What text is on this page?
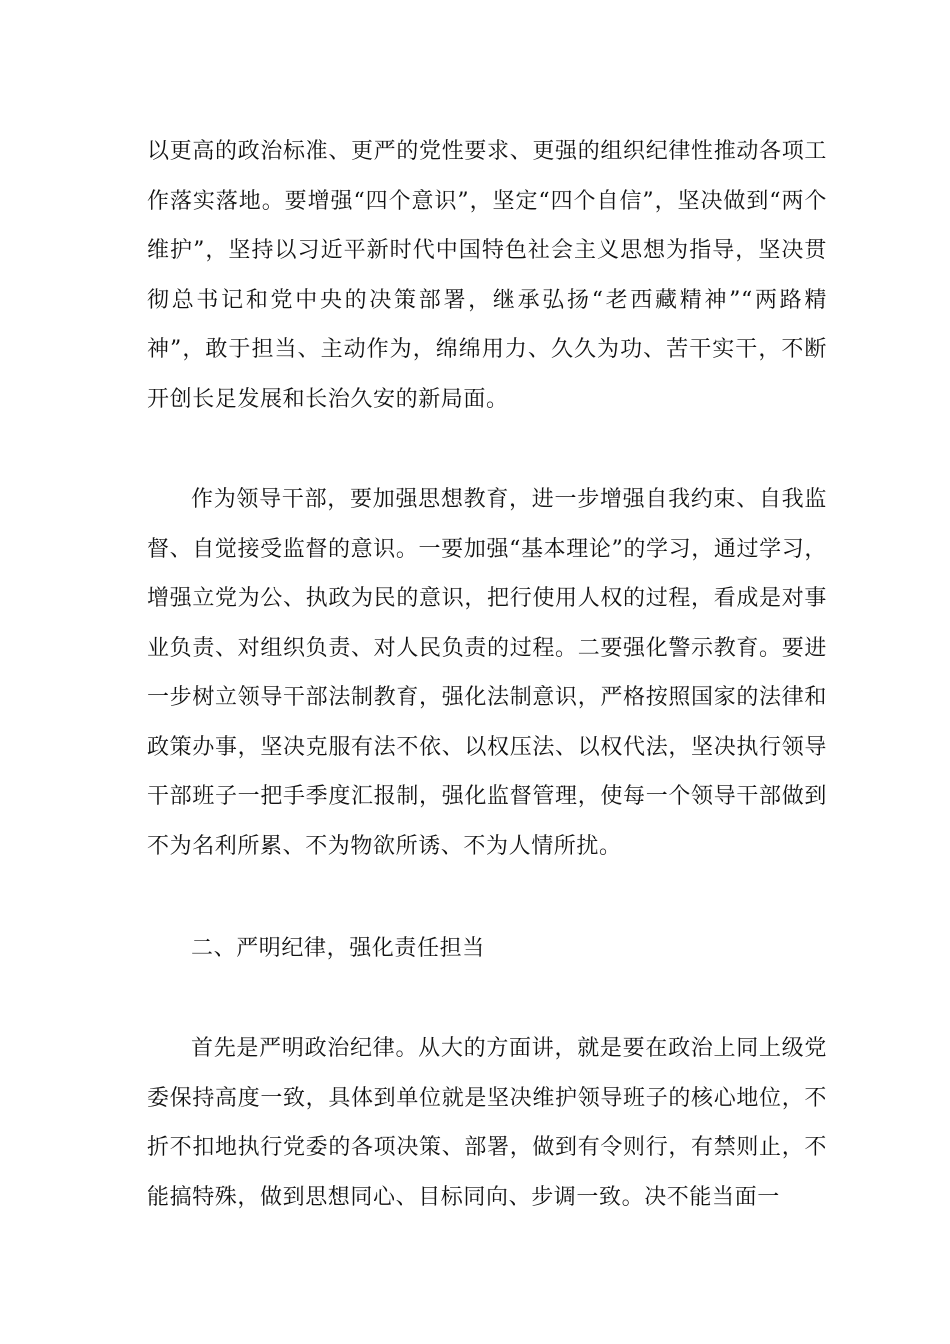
以更高的政治标准、更严的党性要求、更强的组织纪律性推动各项工作落实落地。要增强“四个意识”，坚定“四个自信”，坚决做到“两个维护”，坚持以习近平新时代中国特色社会主义思想为指导，坚决贯彻总书记和党中央的决策部署，继承弘扬“老西藏精神”“两路精神”，敢于担当、主动作为，绵绵用力、久久为功、苦干实干，不断开创长足发展和长治久安的新局面。

作为领导干部，要加强思想教育，进一步增强自我约束、自我监督、自觉接受监督的意识。一要加强“基本理论”的学习，通过学习，增强立党为公、执政为民的意识，把行使用人权的过程，看成是对事业负责、对组织负责、对人民负责的过程。二要强化警示教育。要进一步树立领导干部法制教育，强化法制意识，严格按照国家的法律和政策办事，坚决克服有法不依、以权压法、以权代法，坚决执行领导干部班子一把手季度汇报制，强化监督管理，使每一个领导干部做到不为名利所累、不为物欲所诱、不为人情所扰。

二、严明纪律，强化责任担当

首先是严明政治纪律。从大的方面讲，就是要在政治上同上级党委保持高度一致，具体到单位就是坚决维护领导班子的核心地位，不折不扣地执行党委的各项决策、部署，做到有令则行，有禁则止，不能搞特殊，做到思想同心、目标同向、步调一致。决不能当面一
